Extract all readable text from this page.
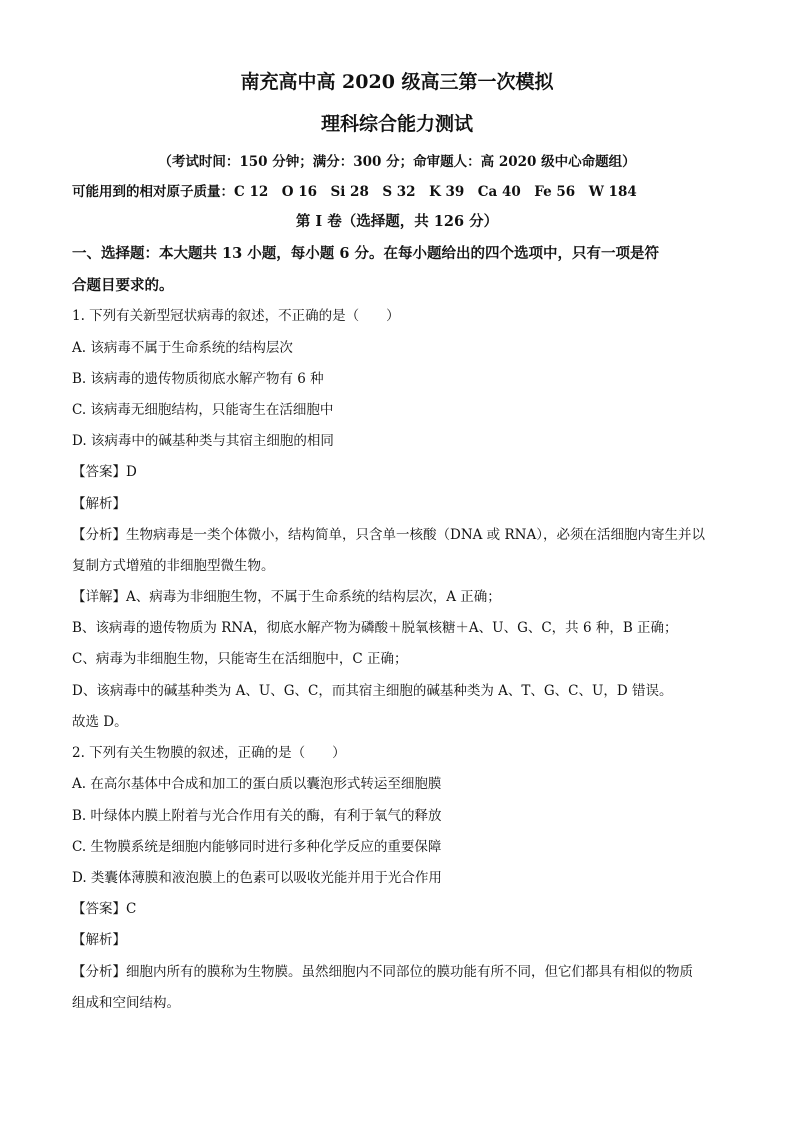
南充高中高 2020 级高三第一次模拟
理科综合能力测试
（考试时间：150 分钟；满分：300 分；命审题人：高 2020 级中心命题组）
可能用到的相对原子质量：C 12　O 16　Si 28　S 32　K 39　Ca 40　Fe 56　W 184
第 I 卷（选择题，共 126 分）
一、选择题：本大题共 13 小题，每小题 6 分。在每小题给出的四个选项中，只有一项是符
合题目要求的。
1. 下列有关新型冠状病毒的叙述，不正确的是（　　）
A. 该病毒不属于生命系统的结构层次
B. 该病毒的遗传物质彻底水解产物有 6 种
C. 该病毒无细胞结构，只能寄生在活细胞中
D. 该病毒中的碱基种类与其宿主细胞的相同
【答案】D
【解析】
【分析】生物病毒是一类个体微小，结构简单，只含单一核酸（DNA 或 RNA），必须在活细胞内寄生并以
复制方式增殖的非细胞型微生物。
【详解】A、病毒为非细胞生物，不属于生命系统的结构层次，A 正确；
B、该病毒的遗传物质为 RNA，彻底水解产物为磷酸＋脱氧核糖＋A、U、G、C，共 6 种，B 正确；
C、病毒为非细胞生物，只能寄生在活细胞中，C 正确；
D、该病毒中的碱基种类为 A、U、G、C，而其宿主细胞的碱基种类为 A、T、G、C、U，D 错误。
故选 D。
2. 下列有关生物膜的叙述，正确的是（　　）
A. 在高尔基体中合成和加工的蛋白质以囊泡形式转运至细胞膜
B. 叶绿体内膜上附着与光合作用有关的酶，有利于氧气的释放
C. 生物膜系统是细胞内能够同时进行多种化学反应的重要保障
D. 类囊体薄膜和液泡膜上的色素可以吸收光能并用于光合作用
【答案】C
【解析】
【分析】细胞内所有的膜称为生物膜。虽然细胞内不同部位的膜功能有所不同，但它们都具有相似的物质
组成和空间结构。
